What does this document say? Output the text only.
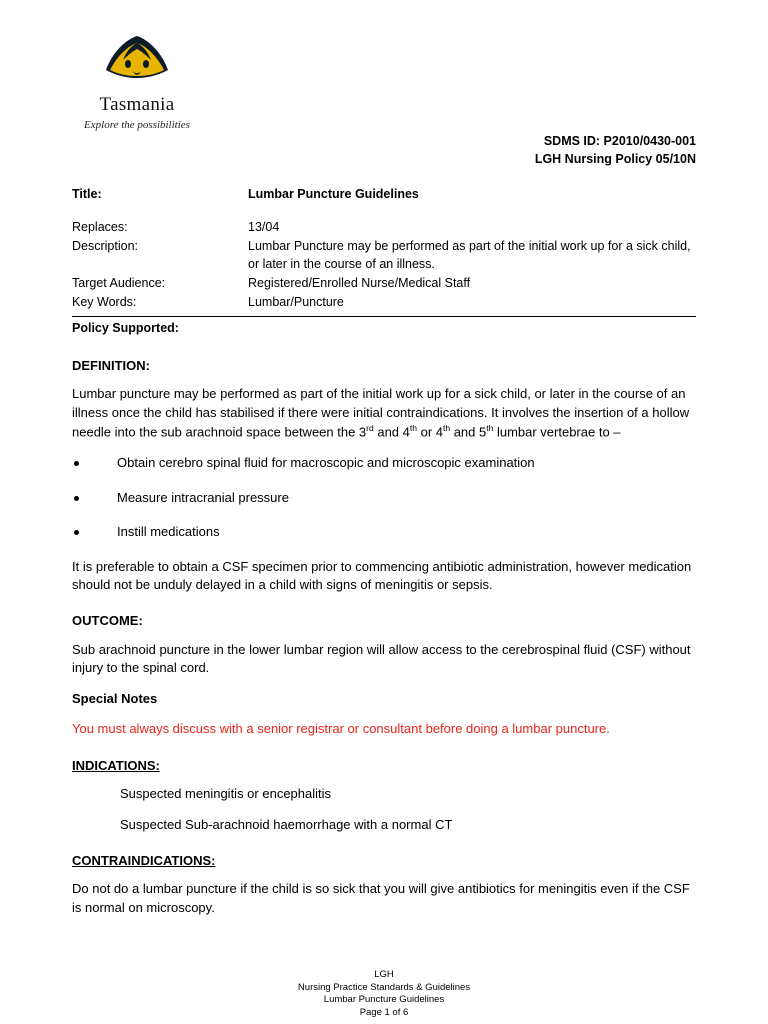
Tasmania
Explore the possibilities
SDMS ID: P2010/0430-001
LGH Nursing Policy 05/10N
Title:	Lumbar Puncture Guidelines
Replaces:	13/04
Description:	Lumbar Puncture may be performed as part of the initial work up for a sick child, or later in the course of an illness.
Target Audience:	Registered/Enrolled Nurse/Medical Staff
Key Words:	Lumbar/Puncture
Policy Supported:
DEFINITION:

Lumbar puncture may be performed as part of the initial work up for a sick child, or later in the course of an illness once the child has stabilised if there were initial contraindications. It involves the insertion of a hollow needle into the sub arachnoid space between the 3rd and 4th or 4th and 5th lumbar vertebrae to –

Obtain cerebro spinal fluid for macroscopic and microscopic examination
Measure intracranial pressure
Instill medications

It is preferable to obtain a CSF specimen prior to commencing antibiotic administration, however medication should not be unduly delayed in a child with signs of meningitis or sepsis.

OUTCOME:

Sub arachnoid puncture in the lower lumbar region will allow access to the cerebrospinal fluid (CSF) without injury to the spinal cord.

Special Notes

You must always discuss with a senior registrar or consultant before doing a lumbar puncture.

INDICATIONS:

Suspected meningitis or encephalitis

Suspected Sub-arachnoid haemorrhage with a normal CT

CONTRAINDICATIONS:

Do not do a lumbar puncture if the child is so sick that you will give antibiotics for meningitis even if the CSF is normal on microscopy.

LGH
Nursing Practice Standards & Guidelines
Lumbar Puncture Guidelines
Page 1 of 6
